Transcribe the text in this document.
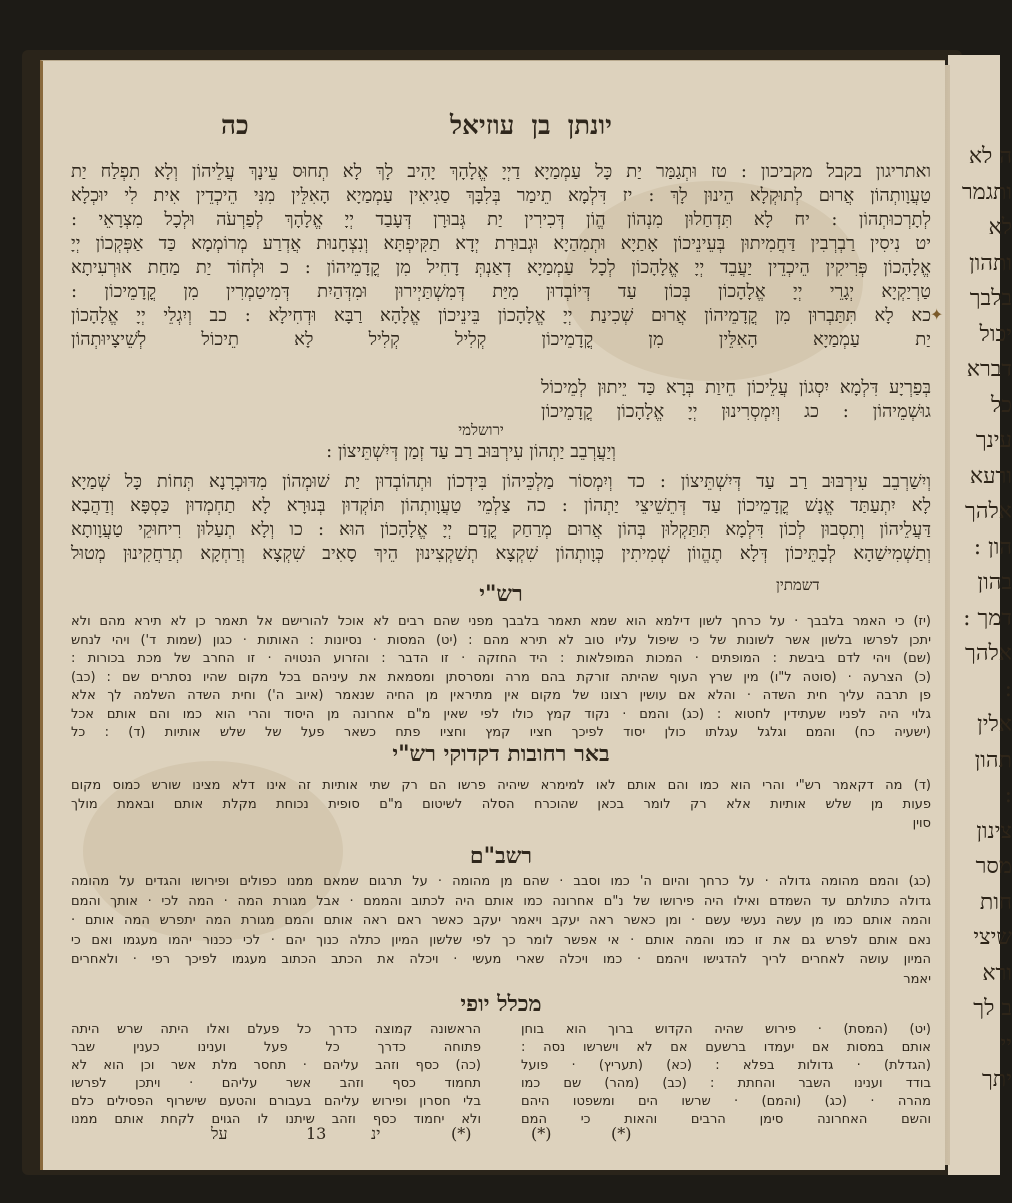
ה לא
ותגמר
לא
ותהון
בלבך
יכול
דברא
כל
עינך
ורעא
אלהך
הון :
בהון
דמך :
אלהך
:
אלין
תהון
:
צינון
מסר
חות
שיצי
ורא
ב לך
יי
יתך
כה	יונתן בן עוזיאל
ואתריגון בקבל מקביכון : טז וּתְגַמַּר יַת כָּל עַמְמַיָא דַיְיָ אֱלָהָךְ יָהִיב לָךְ לָא תְחוּס עֵינָךְ עֲלֵיהוֹן וְלָא תִפְלַח יַת
טַעֲוָותְהוֹן אֲרוּם לְתוּקְלָא הֵינוּן לָךְ : יז דִּלְמָא תֵימַר בְּלִבָּךְ סַגִיאִין עַמְמַיָא הָאִלֵּין מִנִּי הֵיכְדֵין אִית לִי יוּכְלָא
לְתָרְכוּתְהוֹן : יח לָא תִּדְחַלוּן מִנְהוֹן הֱוֹן דְּכִירִין יַת גְּבוּרָן דְּעָבַד יְיָ אֱלָהָךְ לְפַרְעֹה וּלְכָל מִצְרָאֵי :
יט נִיסִין רַבְרְבִין דַּחֲמִיתוּן בְּעֵינֵיכוֹן אָתַיָא וּתְמִהַיָא וּגְבוּרַת יְדָא תַקִּיפְתָּא וְנִצְחָנוּת אֲדְרַע מְרוֹמְמָא כַּד אַפְּקְכוֹן יְיָ
אֱלָהָכוֹן פְּרִיקִין הֵיכְדֵין יַעֲבֵד יְיָ אֱלָהָכוֹן לְכָל עַמְמַיָא דְאַנְתְּ דָחִיל מִן קֳדָמֵיהוֹן : כ וּלְחוֹד יַת מַחַת אוּרְעִיתָא
טַרְיַקְיָא יְגָרֵי יְיָ אֱלָהָכוֹן בְּכוֹן עַד דְּיוֹבְדוּן מִיַּת דְּמִשְׁתַּיְירוּן וּמִדְּהַיִת דְּמִיטַמְרִין מִן קֳדָמֵיכוֹן :
כא לָא תִּתַּבְרוּן מִן קֳדָמֵיהוֹן אֲרוּם שְׁכִינַת יְיָ אֱלָהָכוֹן בֵּינֵיכוֹן אֱלָהָא רַבָּא וּדְחִילָא : כב וְיִגְלֵי יְיָ אֱלָהָכוֹן
יַת עַמְמַיָא הָאִלֵּין מִן קֳדָמֵיכוֹן קְלִיל קְלִיל לָא תֵיכוֹל לְשֵׁיצָיוּתְהוֹן
בְּפַרְיָע דִּלְמָא יִסְגוֹן עֲלֵיכוֹן חֵיוַת בְּרָא כַּד יֵיתוּן לְמֵיכוֹל
גוּשְׁמֵיהוֹן : כג וְיִמְסְרִינוּן יְיָ אֱלָהָכוֹן קֳדָמֵיכוֹן
וְיִשַׁרְבֵב עִירְבּוּב רַב עַד דְּיִשְׁתֵּיצוֹן : כד וְיִמְסוֹר מַלְכֵּיהוֹן בִּידְכוֹן וּתְהוֹבְדוּן יַת שׁוּמְהוֹן מִדּוּכְרָנָא תְּחוֹת כָּל שְׁמַיָא
לָא יִתְעַתַּד אֱנָשׁ קֳדָמֵיכוֹן עַד דְּתֵשֵׁיצֵי יַתְהוֹן : כה צַלְמֵי טַעֲוָותְהוֹן תּוֹקְדוּן בְּנוּרָא לָא תַחְמְדוּן כַּסְפָּא וְדַהֲבָא
דַּעֲלֵיהוֹן וְתִסְבוּן לְכוֹן דִּלְמָא תִּתַּקְלוּן בְּהוֹן אֲרוּם מְרַחַק קֳדָם יְיָ אֱלָהָכוֹן הוּא : כו וְלָא תְעַלוּן רִיחוּקֵי טַעֲוָותָא
וְתַשְׁמִישַׁהָא לְבָתֵּיכוֹן דְּלָא תֶהֱווֹן שְׁמִיתִין כְּוָותְהוֹן שִׁקְצָא תְשַׁקְצִינוּן הֵיךְ סָאִיב שִׁקְצָא וְרַחְקָא תְרַחֲקִינוּן מְטוּל
ירושלמי
וְיַעֲרְבֵב יַתְהוֹן עִירְבּוּב רַב עַד זְמַן דְּיִשְׁתֵּיצוֹן :
דשמתין
רש"י
(יז) כי האמר בלבבך · על כרחך לשון דילמא הוא שמא תאמר בלבבך מפני שהם רבים לא אוכל להורישם אל תאמר כן לא תירא מהם ולא
יתכן לפרשו בלשון אשר לשונות של כי שיפול עליו טוב לא תירא מהם : (יט) המסות · נסיונות : האותות · כגון (שמות ד') ויהי לנחש
(שם) ויהי לדם ביבשת : המופתים · המכות המופלאות : היד החזקה · זו הדבר : והזרוע הנטויה · זו החרב של מכת בכורות :
(כ) הצרעה · (סוטה ל"ו) מין שרץ העוף שהיתה זורקת בהם מרה ומסרסתן ומסמאת את עיניהם בכל מקום שהיו נסתרים שם : (כב)
פן תרבה עליך חית השדה · והלא אם עושין רצונו של מקום אין מתיראין מן החיה שנאמר (איוב ה') וחית השדה השלמה לך אלא
גלוי היה לפניו שעתידין לחטוא : (כג) והמם · נקוד קמץ כולו לפי שאין מ"ם אחרונה מן היסוד והרי הוא כמו והם אותם אכל
(ישעיה כח) והמם וגלגל עגלתו כולן יסוד לפיכך חציו קמץ וחציו פתח כשאר פעל של שלש אותיות (ד) : כל
באר רחובות דקדוקי רש"י
(ד) מה דקאמר רש"י והרי הוא כמו והם אותם לאו למימרא שיהיה פרשו הם רק שתי אותיות זה אינו דלא מצינו שורש כמוס מקום
פעות מן שלש אותיות אלא רק לומר בכאן שהוכרח הסלה לשיטום מ"ם סופית נכוחת מקלת אותם ובאמת מולך
סוין
רשב"ם
(כג) והמם מהומה גדולה · על כרחך והיום ה' כמו וסבב · שהם מן מהומה · על תרגום שמאם ממנו כפולים ופירושו והגדים על מהומה
גדולה כתולתם עד השמדם ואילו היה פירושו של נ"ם אחרונה כמו אותם היה לכתוב והממם · אבל מגורת המה · המה לכי · אותך והמם
והמה אותם כמו מן עשה נעשי עשם · ומן כאשר ראה יעקב ויאמר יעקב כאשר ראם ראה אותם והמם מגורת המה יתפרש המה אותם ·
נאם אותם לפרש גם את זו כמו והמה אותם · אי אפשר לומר כך לפי שלשון המיון כתלה כנוך יהם · לכי ככנור יהמו מעגמו ואם כי
המיון עושה לאחרים לריך להדגישו ויהמם · כמו ויכלה שארי מעשי · ויכלה את הכתב הכתוב מעגמו לפיכך רפי · ולאחרים
יאמר
מכלל יופי
(יט) (המסת) · פירוש שהיה הקדוש ברוך הוא בוחן
אותם במסות אם יעמדו ברשעם אם לא וישרשו נסה :
(הגדלת) · גדולות בפלא : (כא) (תעריץ) · פועל
בודד וענינו השבר והחתת : (כב) (מהר) שם כמו
מהרה · (כג) (והמם) · שרשו הים ומשפטו היהם
והשם האחרונה סימן הרבים והאות כי המם
הראשונה קמוצה כדרך כל פעלם ואלו היתה שרש היתה
פתוחה כדרך כל פעל וענינו כענין שבר
(כה) כסף וזהב עליהם · תחסר מלת אשר וכן הוא לא
תחמוד כסף וזהב אשר עליהם · ויתכן לפרשו
בלי חסרון ופירוש עליהם בעבורם והטעם שישרוף הפסילים כלם
ולא יחמוד כסף וזהב שיתנו לו הגוים לקחת אותם ממנו
על	13	ינ	(*)	(*)	(*)
✦
